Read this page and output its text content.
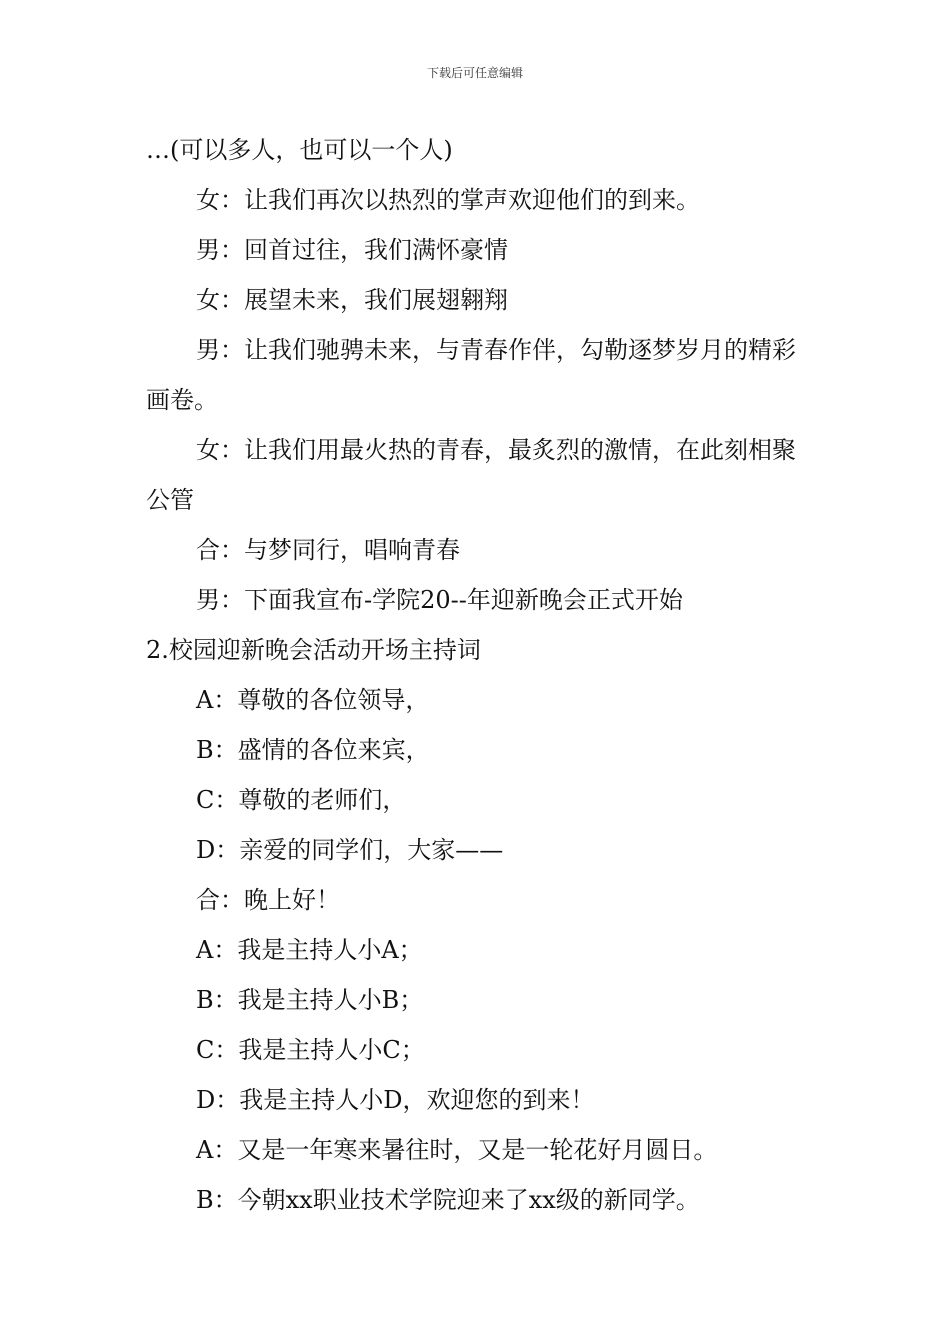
下载后可任意编辑

…(可以多人，也可以一个人)

女：让我们再次以热烈的掌声欢迎他们的到来。

男：回首过往，我们满怀豪情

女：展望未来，我们展翅翱翔

男：让我们驰骋未来，与青春作伴，勾勒逐梦岁月的精彩画卷。

女：让我们用最火热的青春，最炙烈的激情，在此刻相聚公管

合：与梦同行，唱响青春

男：下面我宣布-学院20--年迎新晚会正式开始

2.校园迎新晚会活动开场主持词

A：尊敬的各位领导，

B：盛情的各位来宾，

C：尊敬的老师们，

D：亲爱的同学们，大家——

合：晚上好！

A：我是主持人小A；

B：我是主持人小B；

C：我是主持人小C；

D：我是主持人小D，欢迎您的到来！

A：又是一年寒来暑往时，又是一轮花好月圆日。

B：今朝xx职业技术学院迎来了xx级的新同学。
